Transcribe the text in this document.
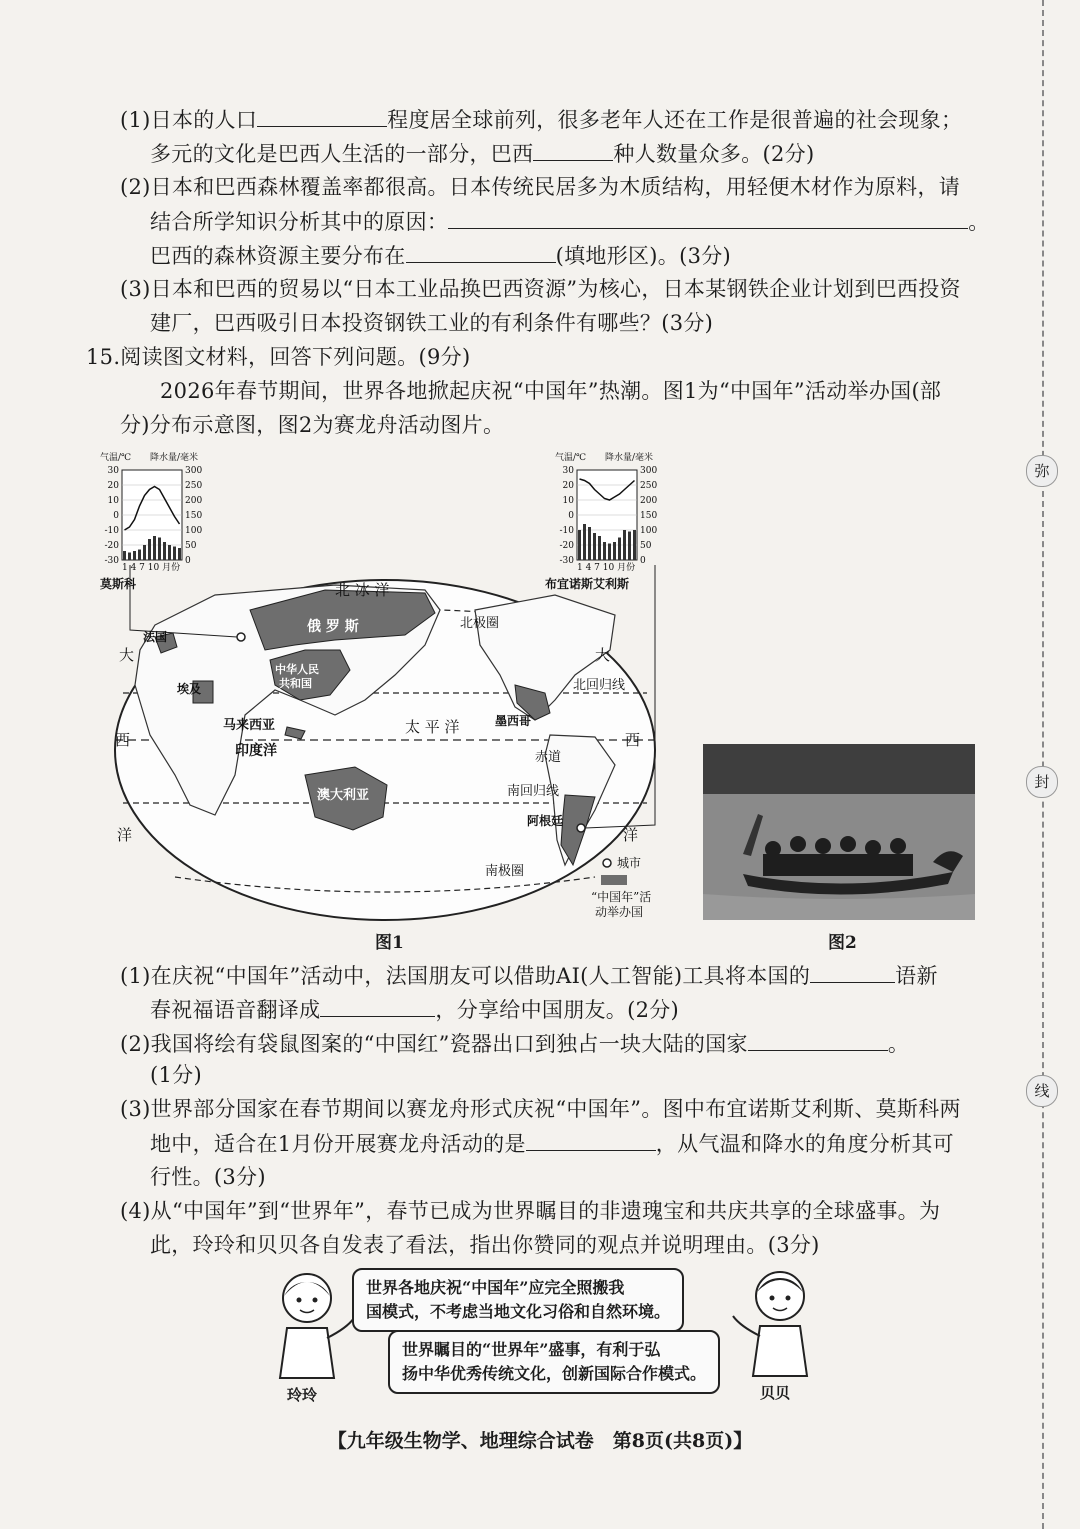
弥
封
线
(1)日本的人口	程度居全球前列，很多老年人还在工作是很普遍的社会现象；
多元的文化是巴西人生活的一部分，巴西	种人数量众多。(2分)
(2)日本和巴西森林覆盖率都很高。日本传统民居多为木质结构，用轻便木材作为原料，请
结合所学知识分析其中的原因：	。
巴西的森林资源主要分布在	(填地形区)。(3分)
(3)日本和巴西的贸易以“日本工业品换巴西资源”为核心，日本某钢铁企业计划到巴西投资
建厂，巴西吸引日本投资钢铁工业的有利条件有哪些？(3分)
15.阅读图文材料，回答下列问题。(9分)
2026年春节期间，世界各地掀起庆祝“中国年”热潮。图1为“中国年”活动举办国(部
分)分布示意图，图2为赛龙舟活动图片。
北 冰 洋
太 平 洋
印度洋
北极圈
北回归线
赤道
南回归线
南极圈
俄 罗 斯
中华人民
共和国
法国
埃及
马来西亚
澳大利亚
墨西哥
阿根廷
大	大
西	西
洋	洋
城市
“中国年”活
动举办国
气温/℃ 降水量/毫米
30
20
10
0
-10
-20
-30
300
250
200
150
100
50
0
1 4 7 10 月份
莫斯科
气温/℃ 降水量/毫米
30
20
10
0
-10
-20
-30
300
250
200
150
100
50
0
1 4 7 10 月份
布宜诺斯艾利斯
图1	图2
(1)在庆祝“中国年”活动中，法国朋友可以借助AI(人工智能)工具将本国的	语新
春祝福语音翻译成	，分享给中国朋友。(2分)
(2)我国将绘有袋鼠图案的“中国红”瓷器出口到独占一块大陆的国家	。
(1分)
(3)世界部分国家在春节期间以赛龙舟形式庆祝“中国年”。图中布宜诺斯艾利斯、莫斯科两
地中，适合在1月份开展赛龙舟活动的是	，从气温和降水的角度分析其可
行性。(3分)
(4)从“中国年”到“世界年”，春节已成为世界瞩目的非遗瑰宝和共庆共享的全球盛事。为
此，玲玲和贝贝各自发表了看法，指出你赞同的观点并说明理由。(3分)
世界各地庆祝“中国年”应完全照搬我
国模式，不考虑当地文化习俗和自然环境。
世界瞩目的“世界年”盛事，有利于弘
扬中华优秀传统文化，创新国际合作模式。
玲玲	贝贝
【九年级生物学、地理综合试卷　第8页(共8页)】
